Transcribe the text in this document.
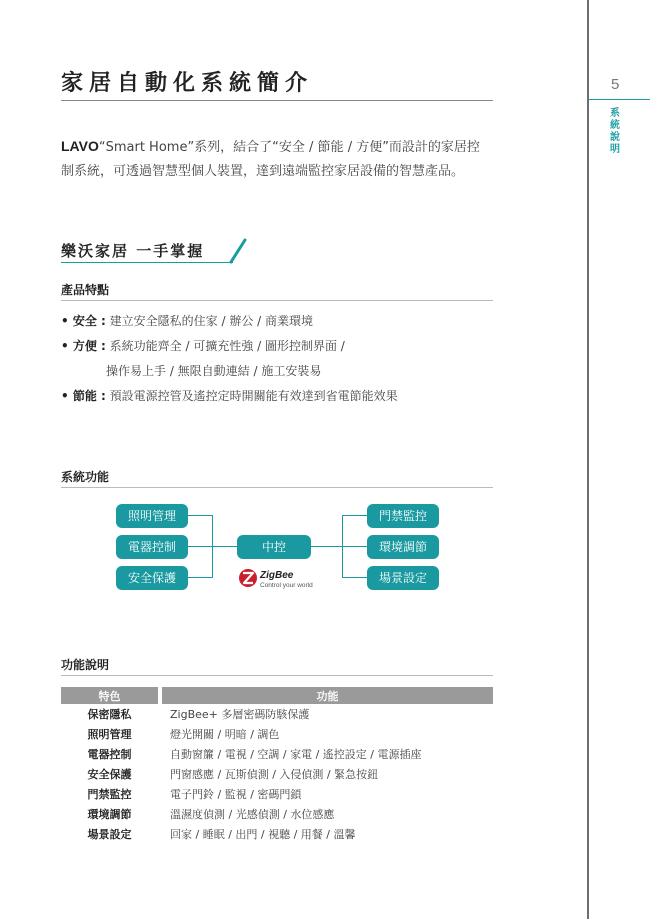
5
系統說明
家居自動化系統簡介

LAVO“Smart Home”系列，結合了“安全 / 節能 / 方便”而設計的家居控制系統，可透過智慧型個人裝置，達到遠端監控家居設備的智慧產品。

樂沃家居 一手掌握
產品特點
• 安全 : 建立安全隱私的住家 / 辦公 / 商業環境
• 方便 : 系統功能齊全 / 可擴充性強 / 圖形控制界面 /
操作易上手 / 無限自動連結 / 施工安裝易
• 節能 : 預設電源控管及遙控定時開關能有效達到省電節能效果
系統功能
照明管理
電器控制
安全保護
中控
門禁監控
環境調節
場景設定
ZigBee
Control your world
功能說明
特色		功能
保密隱私		ZigBee+ 多層密碼防駭保護
照明管理		燈光開關 / 明暗 / 調色
電器控制		自動窗簾 / 電視 / 空調 / 家電 / 遙控設定 / 電源插座
安全保護		門窗感應 / 瓦斯偵測 / 入侵偵測 / 緊急按鈕
門禁監控		電子門鈴 / 監視 / 密碼門鎖
環境調節		溫濕度偵測 / 光感偵測 / 水位感應
場景設定		回家 / 睡眠 / 出門 / 視聽 / 用餐 / 溫馨
